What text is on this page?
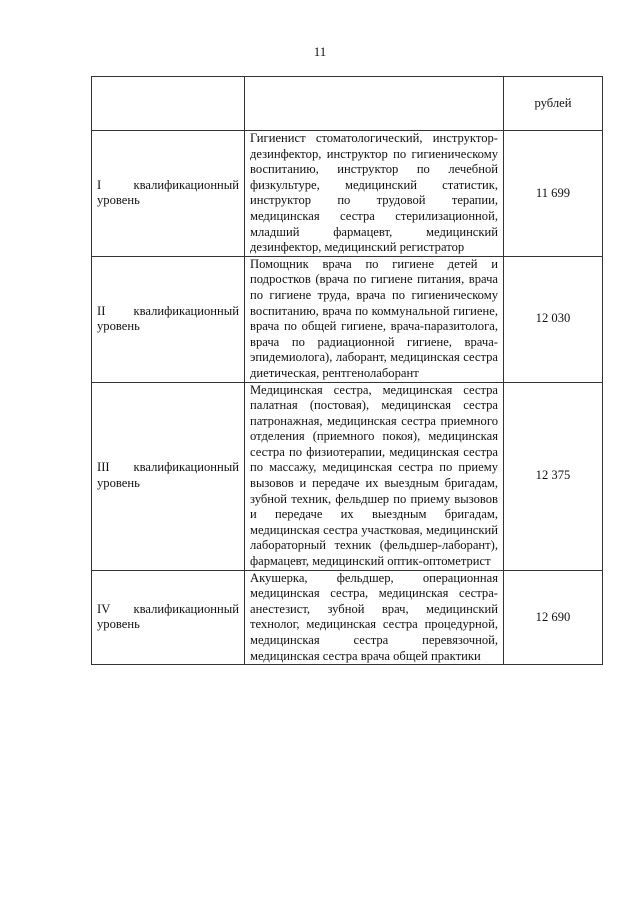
11
		рублей
I квалификационный уровень	Гигиенист стоматологический, инструктор-дезинфектор, инструктор по гигиеническому воспитанию, инструктор по лечебной физкультуре, медицинский статистик, инструктор по трудовой терапии, медицинская сестра стерилизационной, младший фармацевт, медицинский дезинфектор, медицинский регистратор	11 699
II квалификационный уровень	Помощник врача по гигиене детей и подростков (врача по гигиене питания, врача по гигиене труда, врача по гигиеническому воспитанию, врача по коммунальной гигиене, врача по общей гигиене, врача-паразитолога, врача по радиационной гигиене, врача-эпидемиолога), лаборант, медицинская сестра диетическая, рентгенолаборант	12 030
III квалификационный уровень	Медицинская сестра, медицинская сестра палатная (постовая), медицинская сестра патронажная, медицинская сестра приемного отделения (приемного покоя), медицинская сестра по физиотерапии, медицинская сестра по массажу, медицинская сестра по приему вызовов и передаче их выездным бригадам, зубной техник, фельдшер по приему вызовов и передаче их выездным бригадам, медицинская сестра участковая, медицинский лабораторный техник (фельдшер-лаборант), фармацевт, медицинский оптик-оптометрист	12 375
IV квалификационный уровень	Акушерка, фельдшер, операционная медицинская сестра, медицинская сестра-анестезист, зубной врач, медицинский технолог, медицинская сестра процедурной, медицинская сестра перевязочной, медицинская сестра врача общей практики	12 690
